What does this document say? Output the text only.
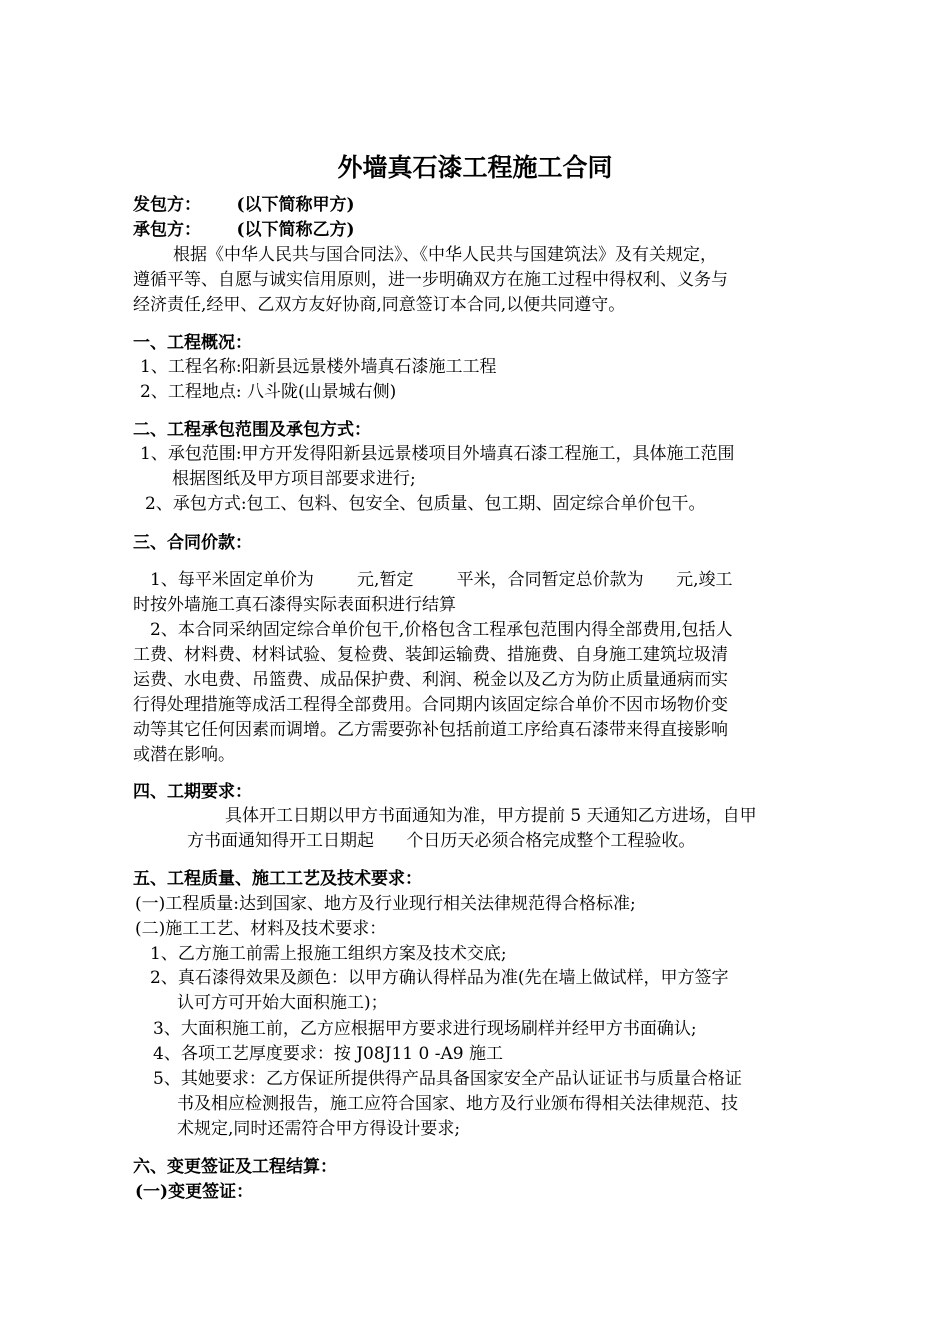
外墙真石漆工程施工合同
发包方：      (以下简称甲方)
承包方：      (以下简称乙方)
根据《中华人民共与国合同法》、《中华人民共与国建筑法》及有关规定，
遵循平等、自愿与诚实信用原则，进一步明确双方在施工过程中得权利、义务与
经济责任,经甲、乙双方友好协商,同意签订本合同,以便共同遵守。
一、工程概况：
1、工程名称:阳新县远景楼外墙真石漆施工工程
2、工程地点: 八斗陇(山景城右侧)
二、工程承包范围及承包方式：
1、承包范围:甲方开发得阳新县远景楼项目外墙真石漆工程施工，具体施工范围
根据图纸及甲方项目部要求进行;
2、承包方式:包工、包料、包安全、包质量、包工期、固定综合单价包干。
三、合同价款：
1、每平米固定单价为        元,暂定        平米，合同暂定总价款为      元,竣工
时按外墙施工真石漆得实际表面积进行结算
2、本合同采纳固定综合单价包干,价格包含工程承包范围内得全部费用,包括人
工费、材料费、材料试验、复检费、装卸运输费、措施费、自身施工建筑垃圾清
运费、水电费、吊篮费、成品保护费、利润、税金以及乙方为防止质量通病而实
行得处理措施等成活工程得全部费用。合同期内该固定综合单价不因市场物价变
动等其它任何因素而调增。乙方需要弥补包括前道工序给真石漆带来得直接影响
或潜在影响。
四、工期要求：
具体开工日期以甲方书面通知为准，甲方提前 5 天通知乙方进场，自甲
方书面通知得开工日期起      个日历天必须合格完成整个工程验收。
五、工程质量、施工工艺及技术要求：
(一)工程质量:达到国家、地方及行业现行相关法律规范得合格标准;
(二)施工工艺、材料及技术要求：
1、乙方施工前需上报施工组织方案及技术交底;
2、真石漆得效果及颜色：以甲方确认得样品为准(先在墙上做试样，甲方签字
认可方可开始大面积施工)；
3、大面积施工前，乙方应根据甲方要求进行现场刷样并经甲方书面确认;
4、各项工艺厚度要求：按 J08J11 0 -A9 施工
5、其她要求：乙方保证所提供得产品具备国家安全产品认证证书与质量合格证
书及相应检测报告，施工应符合国家、地方及行业颁布得相关法律规范、技
术规定,同时还需符合甲方得设计要求;
六、变更签证及工程结算：
(一)变更签证：
